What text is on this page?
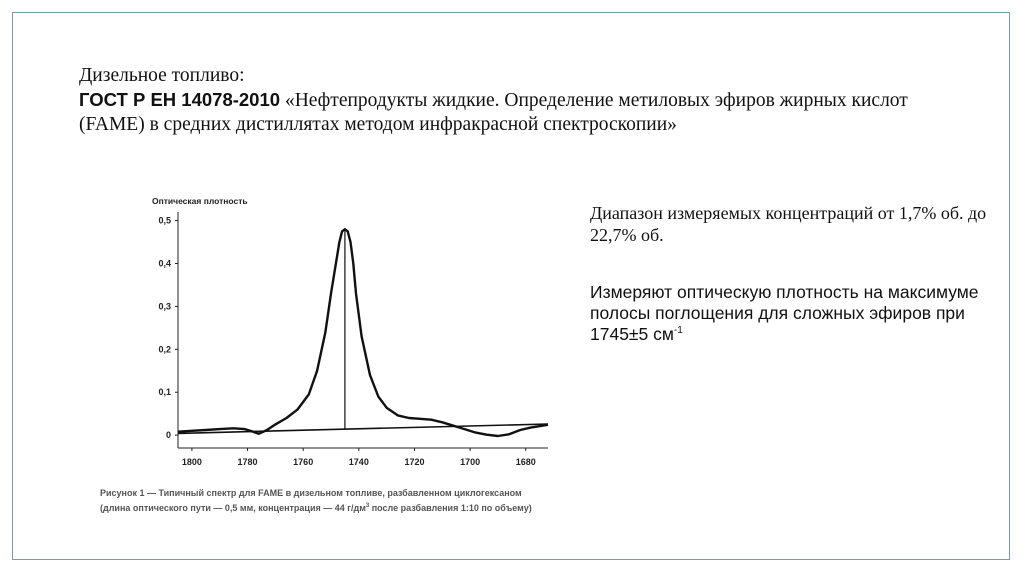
Дизельное топливо:
ГОСТ Р ЕН 14078-2010 «Нефтепродукты жидкие. Определение метиловых эфиров жирных кислот (FAME) в средних дистиллятах методом инфракрасной спектроскопии»
Диапазон измеряемых концентраций от 1,7% об. до 22,7% об.
Измеряют оптическую плотность на максимуме полосы поглощения для сложных эфиров при 1745±5 $см^{-1}$
Оптическая плотность
0
0,1
0,2
0,3
0,4
0,5
1800	1780	1760	1740	1720	1700	1680
Рисунок 1 — Типичный спектр для FAME в дизельном топливе, разбавленном циклогексаном
(длина оптического пути — 0,5 мм, концентрация — 44 $г/дм^3$ после разбавления 1:10 по объему)
